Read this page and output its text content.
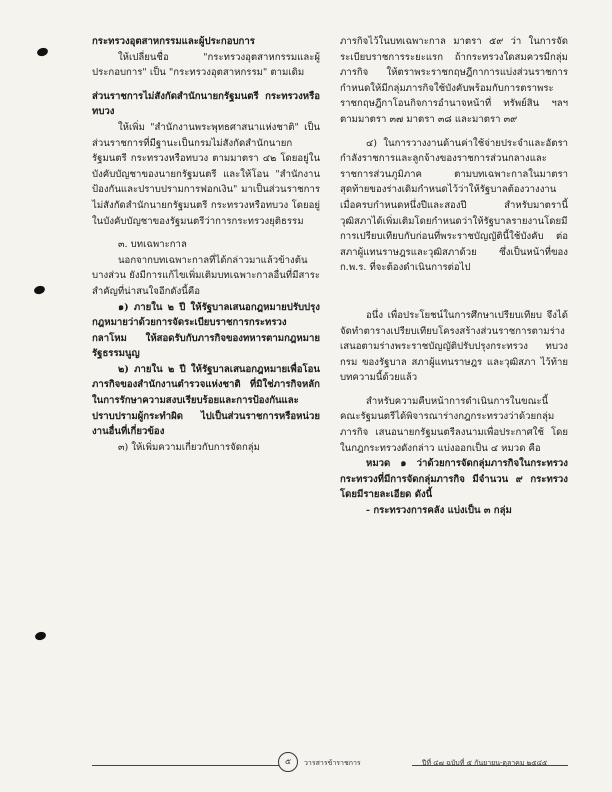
กระทรวงอุตสาหกรรมและผู้ประกอบการ

ให้เปลี่ยนชื่อ "กระทรวงอุตสาหกรรมและผู้ประกอบการ" เป็น "กระทรวงอุตสาหกรรม" ตามเดิม

ส่วนราชการไม่สังกัดสำนักนายกรัฐมนตรี กระทรวงหรือทบวง

ให้เพิ่ม "สำนักงานพระพุทธศาสนาแห่งชาติ" เป็นส่วนราชการที่มีฐานะเป็นกรมไม่สังกัดสำนักนายกรัฐมนตรี กระทรวงหรือทบวง ตามมาตรา ๔๒ โดยอยู่ในบังคับบัญชาของนายกรัฐมนตรี และให้โอน "สำนักงานป้องกันและปราบปรามการฟอกเงิน" มาเป็นส่วนราชการไม่สังกัดสำนักนายกรัฐมนตรี กระทรวงหรือทบวง โดยอยู่ในบังคับบัญชาของรัฐมนตรีว่าการกระทรวงยุติธรรม

๓. บทเฉพาะกาล

นอกจากบทเฉพาะกาลที่ได้กล่าวมาแล้วข้างต้นบางส่วน ยังมีการแก้ไขเพิ่มเติมบทเฉพาะกาลอื่นที่มีสาระสำคัญที่น่าสนใจอีกดังนี้คือ

๑) ภายใน ๒ ปี ให้รัฐบาลเสนอกฎหมายปรับปรุงกฎหมายว่าด้วยการจัดระเบียบราชการกระทรวงกลาโหม ให้สอดรับกับภารกิจของทหารตามกฎหมายรัฐธรรมนูญ

๒) ภายใน ๒ ปี ให้รัฐบาลเสนอกฎหมายเพื่อโอนภารกิจของสำนักงานตำรวจแห่งชาติ ที่มิใช่ภารกิจหลักในการรักษาความสงบเรียบร้อยและการป้องกันและปราบปรามผู้กระทำผิด ไปเป็นส่วนราชการหรือหน่วยงานอื่นที่เกี่ยวข้อง

๓) ให้เพิ่มความเกี่ยวกับการจัดกลุ่ม

ภารกิจไว้ในบทเฉพาะกาล มาตรา ๕๙ ว่า ในการจัดระเบียบราชการระยะแรก ถ้ากระทรวงใดสมควรมีกลุ่มภารกิจ ให้ตราพระราชกฤษฎีกาการแบ่งส่วนราชการ กำหนดให้มีกลุ่มภารกิจใช้บังคับพร้อมกับการตราพระราชกฤษฎีกาโอนกิจการอำนาจหน้าที่ ทรัพย์สิน ฯลฯ ตามมาตรา ๓๗ มาตรา ๓๘ และมาตรา ๓๙

๔) ในการวางงานด้านค่าใช้จ่ายประจำและอัตรากำลังราชการและลูกจ้างของราชการส่วนกลางและราชการส่วนภูมิภาค ตามบทเฉพาะกาลในมาตราสุดท้ายของร่างเดิมกำหนดไว้ว่าให้รัฐบาลต้องวางงานเมื่อครบกำหนดหนึ่งปีและสองปี สำหรับมาตรานี้ วุฒิสภาได้เพิ่มเติมโดยกำหนดว่าให้รัฐบาลรายงานโดยมีการเปรียบเทียบกับก่อนที่พระราชบัญญัตินี้ใช้บังคับ ต่อสภาผู้แทนราษฎรและวุฒิสภาด้วย ซึ่งเป็นหน้าที่ของ ก.พ.ร. ที่จะต้องดำเนินการต่อไป

อนึ่ง เพื่อประโยชน์ในการศึกษาเปรียบเทียบ จึงได้จัดทำตารางเปรียบเทียบโครงสร้างส่วนราชการตามร่างเสนอตามร่างพระราชบัญญัติปรับปรุงกระทรวง ทบวง กรม ของรัฐบาล สภาผู้แทนราษฎร และวุฒิสภา ไว้ท้ายบทความนี้ด้วยแล้ว

สำหรับความคืบหน้าการดำเนินการในขณะนี้ คณะรัฐมนตรีได้พิจารณาร่างกฎกระทรวงว่าด้วยกลุ่มภารกิจ เสนอนายกรัฐมนตรีลงนามเพื่อประกาศใช้ โดยในกฎกระทรวงดังกล่าว แบ่งออกเป็น ๔ หมวด คือ

หมวด ๑ ว่าด้วยการจัดกลุ่มภารกิจในกระทรวง กระทรวงที่มีการจัดกลุ่มภารกิจ มีจำนวน ๙ กระทรวง โดยมีรายละเอียด ดังนี้

- กระทรวงการคลัง แบ่งเป็น ๓ กลุ่ม

๕	วารสารข้าราชการ	ปีที่ ๔๗ ฉบับที่ ๕ กันยายน-ตุลาคม ๒๕๔๕
